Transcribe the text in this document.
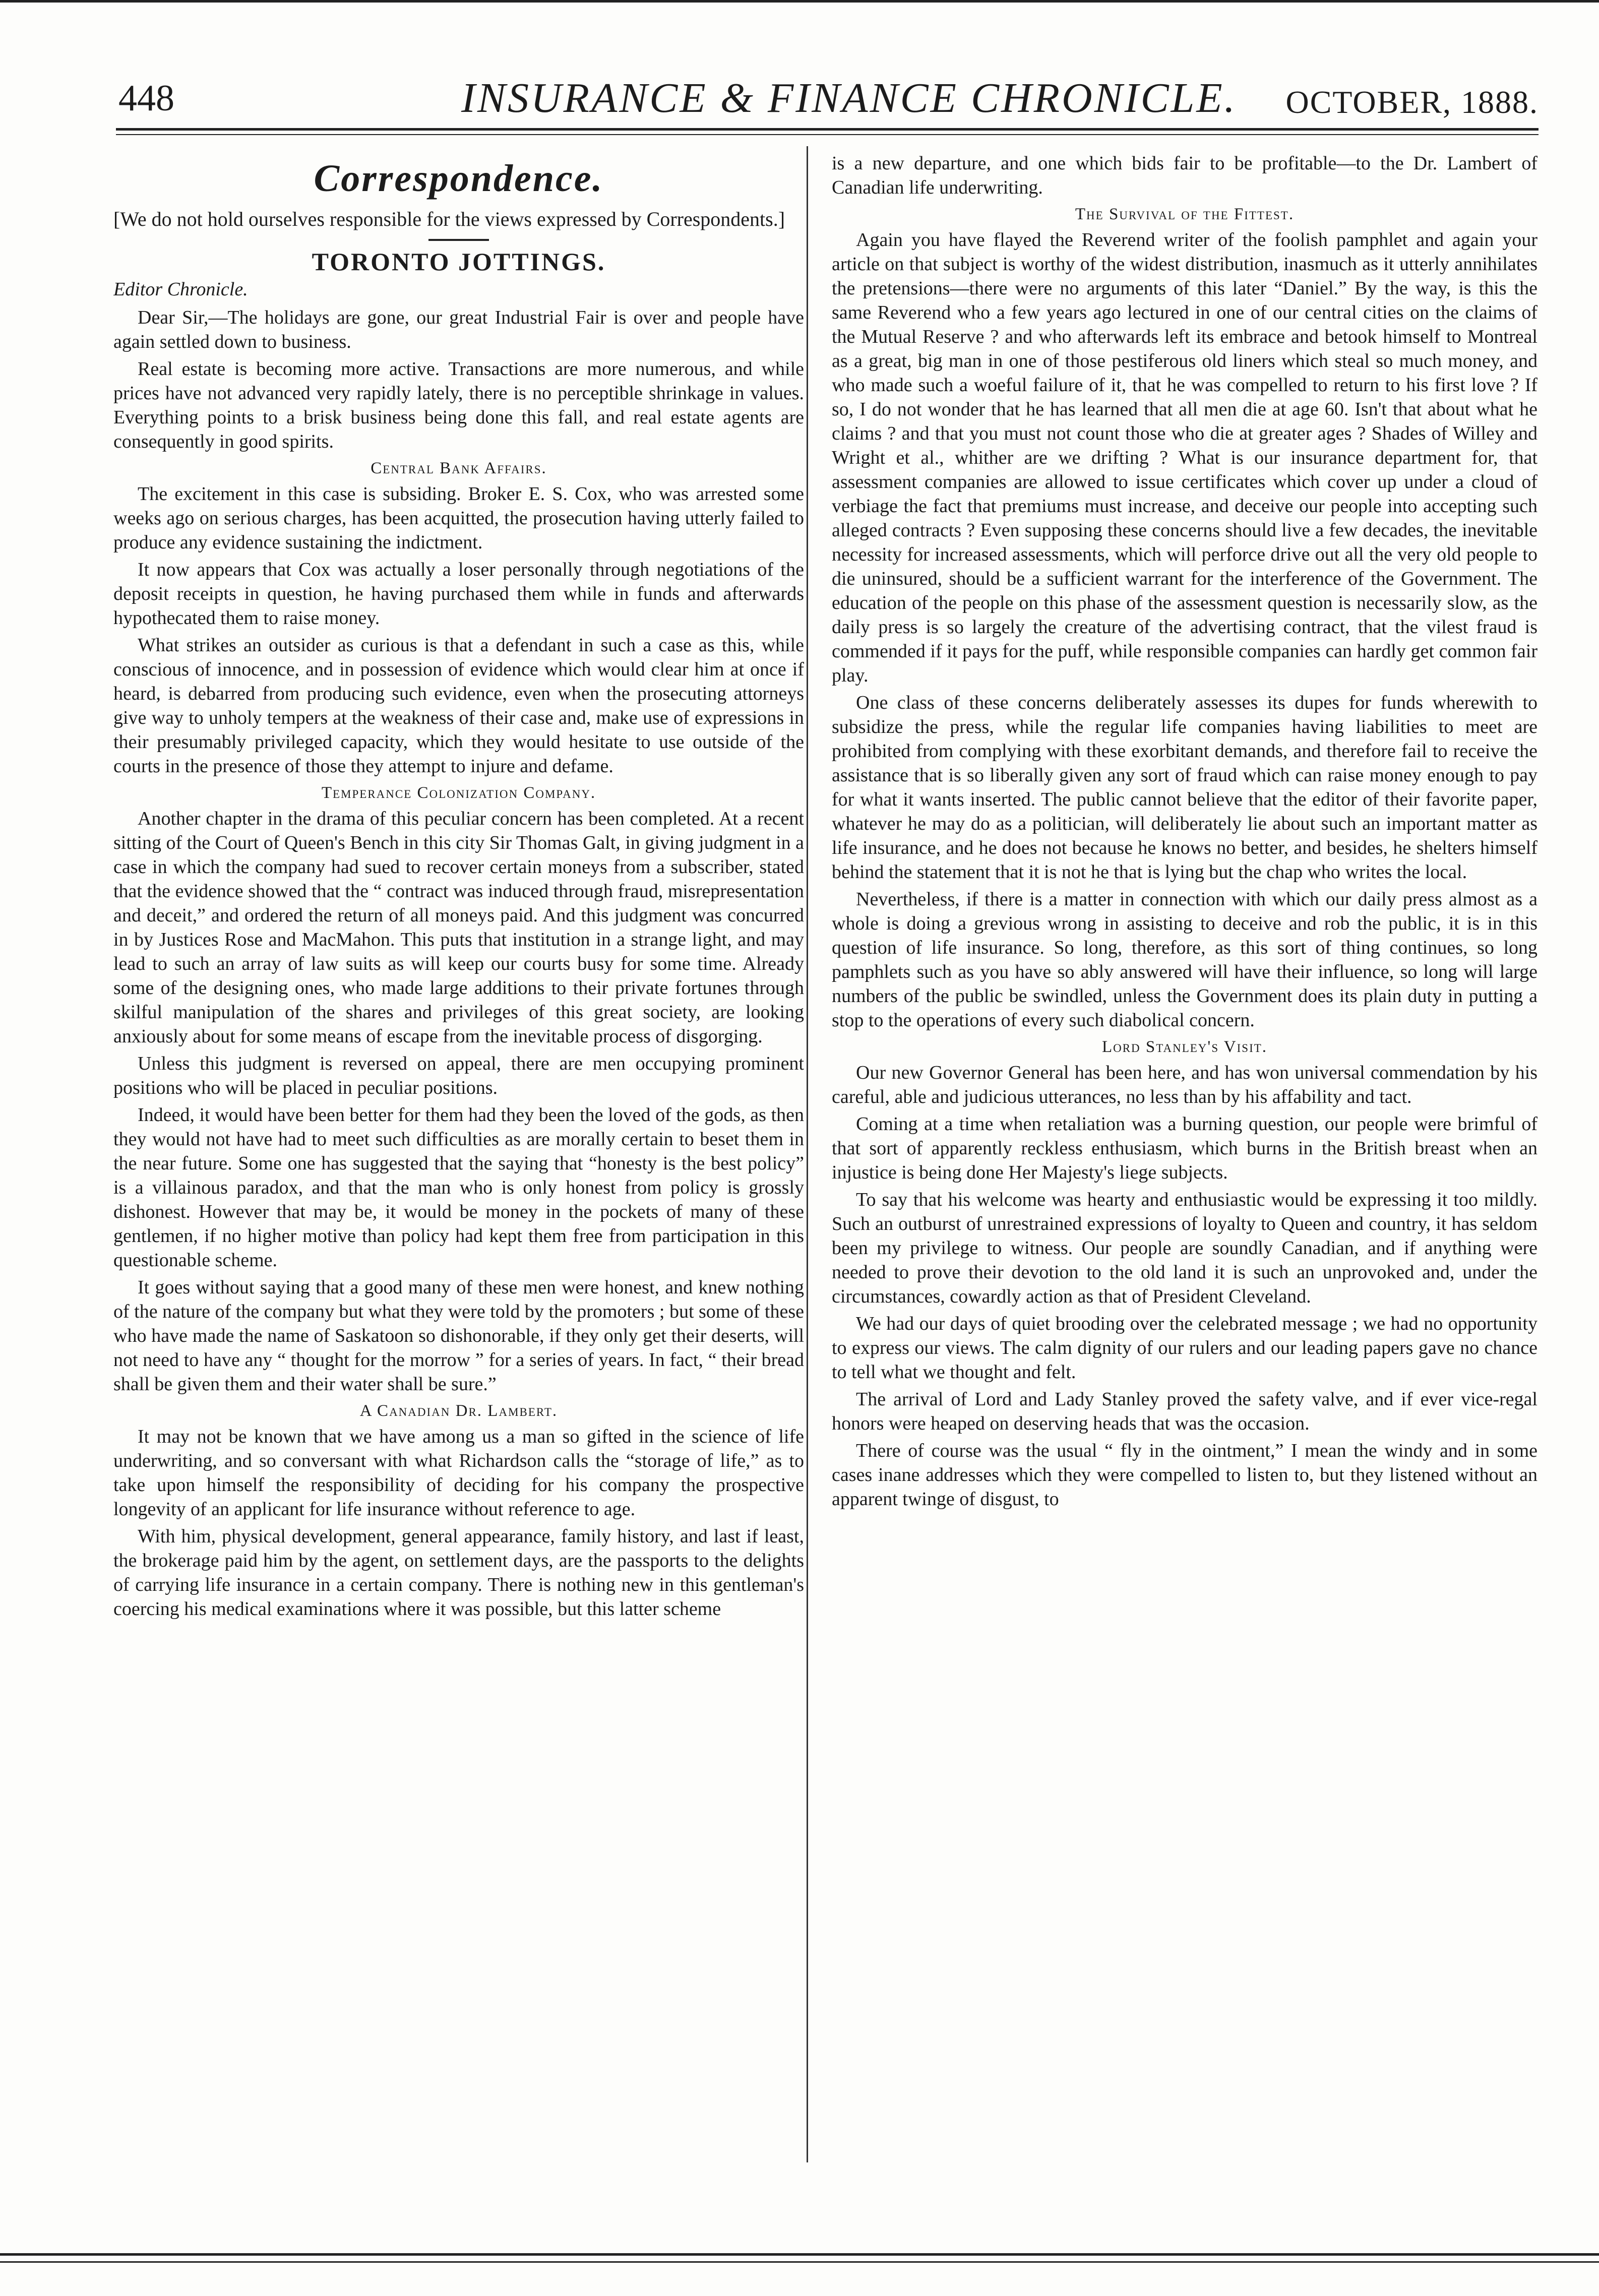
448	INSURANCE & FINANCE CHRONICLE. OCTOBER, 1888.
Correspondence.

[We do not hold ourselves responsible for the views expressed by Correspondents.]

TORONTO JOTTINGS.

Editor Chronicle.

Dear Sir,—The holidays are gone, our great Industrial Fair is over and people have again settled down to business.

Real estate is becoming more active. Transactions are more numerous, and while prices have not advanced very rapidly lately, there is no perceptible shrinkage in values. Everything points to a brisk business being done this fall, and real estate agents are consequently in good spirits.

Central Bank Affairs.

The excitement in this case is subsiding. Broker E. S. Cox, who was arrested some weeks ago on serious charges, has been acquitted, the prosecution having utterly failed to produce any evidence sustaining the indictment.

It now appears that Cox was actually a loser personally through negotiations of the deposit receipts in question, he having purchased them while in funds and afterwards hypothecated them to raise money.

What strikes an outsider as curious is that a defendant in such a case as this, while conscious of innocence, and in possession of evidence which would clear him at once if heard, is debarred from producing such evidence, even when the prosecuting attorneys give way to unholy tempers at the weakness of their case and, make use of expressions in their presumably privileged capacity, which they would hesitate to use outside of the courts in the presence of those they attempt to injure and defame.

Temperance Colonization Company.

Another chapter in the drama of this peculiar concern has been completed. At a recent sitting of the Court of Queen's Bench in this city Sir Thomas Galt, in giving judgment in a case in which the company had sued to recover certain moneys from a subscriber, stated that the evidence showed that the “ contract was induced through fraud, misrepresentation and deceit,” and ordered the return of all moneys paid. And this judgment was concurred in by Justices Rose and MacMahon. This puts that institution in a strange light, and may lead to such an array of law suits as will keep our courts busy for some time. Already some of the designing ones, who made large additions to their private fortunes through skilful manipulation of the shares and privileges of this great society, are looking anxiously about for some means of escape from the inevitable process of disgorging.

Unless this judgment is reversed on appeal, there are men occupying prominent positions who will be placed in peculiar positions.

Indeed, it would have been better for them had they been the loved of the gods, as then they would not have had to meet such difficulties as are morally certain to beset them in the near future. Some one has suggested that the saying that “honesty is the best policy” is a villainous paradox, and that the man who is only honest from policy is grossly dishonest. However that may be, it would be money in the pockets of many of these gentlemen, if no higher motive than policy had kept them free from participation in this questionable scheme.

It goes without saying that a good many of these men were honest, and knew nothing of the nature of the company but what they were told by the promoters ; but some of these who have made the name of Saskatoon so dishonorable, if they only get their deserts, will not need to have any “ thought for the morrow ” for a series of years. In fact, “ their bread shall be given them and their water shall be sure.”

A Canadian Dr. Lambert.

It may not be known that we have among us a man so gifted in the science of life underwriting, and so conversant with what Richardson calls the “storage of life,” as to take upon himself the responsibility of deciding for his company the prospective longevity of an applicant for life insurance without reference to age.

With him, physical development, general appearance, family history, and last if least, the brokerage paid him by the agent, on settlement days, are the passports to the delights of carrying life insurance in a certain company. There is nothing new in this gentleman's coercing his medical examinations where it was possible, but this latter scheme

is a new departure, and one which bids fair to be profitable—to the Dr. Lambert of Canadian life underwriting.

The Survival of the Fittest.

Again you have flayed the Reverend writer of the foolish pamphlet and again your article on that subject is worthy of the widest distribution, inasmuch as it utterly annihilates the pretensions—there were no arguments of this later “Daniel.” By the way, is this the same Reverend who a few years ago lectured in one of our central cities on the claims of the Mutual Reserve ? and who afterwards left its embrace and betook himself to Montreal as a great, big man in one of those pestiferous old liners which steal so much money, and who made such a woeful failure of it, that he was compelled to return to his first love ? If so, I do not wonder that he has learned that all men die at age 60. Isn't that about what he claims ? and that you must not count those who die at greater ages ? Shades of Willey and Wright et al., whither are we drifting ? What is our insurance department for, that assessment companies are allowed to issue certificates which cover up under a cloud of verbiage the fact that premiums must increase, and deceive our people into accepting such alleged contracts ? Even supposing these concerns should live a few decades, the inevitable necessity for increased assessments, which will perforce drive out all the very old people to die uninsured, should be a sufficient warrant for the interference of the Government. The education of the people on this phase of the assessment question is necessarily slow, as the daily press is so largely the creature of the advertising contract, that the vilest fraud is commended if it pays for the puff, while responsible companies can hardly get common fair play.

One class of these concerns deliberately assesses its dupes for funds wherewith to subsidize the press, while the regular life companies having liabilities to meet are prohibited from complying with these exorbitant demands, and therefore fail to receive the assistance that is so liberally given any sort of fraud which can raise money enough to pay for what it wants inserted. The public cannot believe that the editor of their favorite paper, whatever he may do as a politician, will deliberately lie about such an important matter as life insurance, and he does not because he knows no better, and besides, he shelters himself behind the statement that it is not he that is lying but the chap who writes the local.

Nevertheless, if there is a matter in connection with which our daily press almost as a whole is doing a grevious wrong in assisting to deceive and rob the public, it is in this question of life insurance. So long, therefore, as this sort of thing continues, so long pamphlets such as you have so ably answered will have their influence, so long will large numbers of the public be swindled, unless the Government does its plain duty in putting a stop to the operations of every such diabolical concern.

Lord Stanley's Visit.

Our new Governor General has been here, and has won universal commendation by his careful, able and judicious utterances, no less than by his affability and tact.

Coming at a time when retaliation was a burning question, our people were brimful of that sort of apparently reckless enthusiasm, which burns in the British breast when an injustice is being done Her Majesty's liege subjects.

To say that his welcome was hearty and enthusiastic would be expressing it too mildly. Such an outburst of unrestrained expressions of loyalty to Queen and country, it has seldom been my privilege to witness. Our people are soundly Canadian, and if anything were needed to prove their devotion to the old land it is such an unprovoked and, under the circumstances, cowardly action as that of President Cleveland.

We had our days of quiet brooding over the celebrated message ; we had no opportunity to express our views. The calm dignity of our rulers and our leading papers gave no chance to tell what we thought and felt.

The arrival of Lord and Lady Stanley proved the safety valve, and if ever vice-regal honors were heaped on deserving heads that was the occasion.

There of course was the usual “ fly in the ointment,” I mean the windy and in some cases inane addresses which they were compelled to listen to, but they listened without an apparent twinge of disgust, to
